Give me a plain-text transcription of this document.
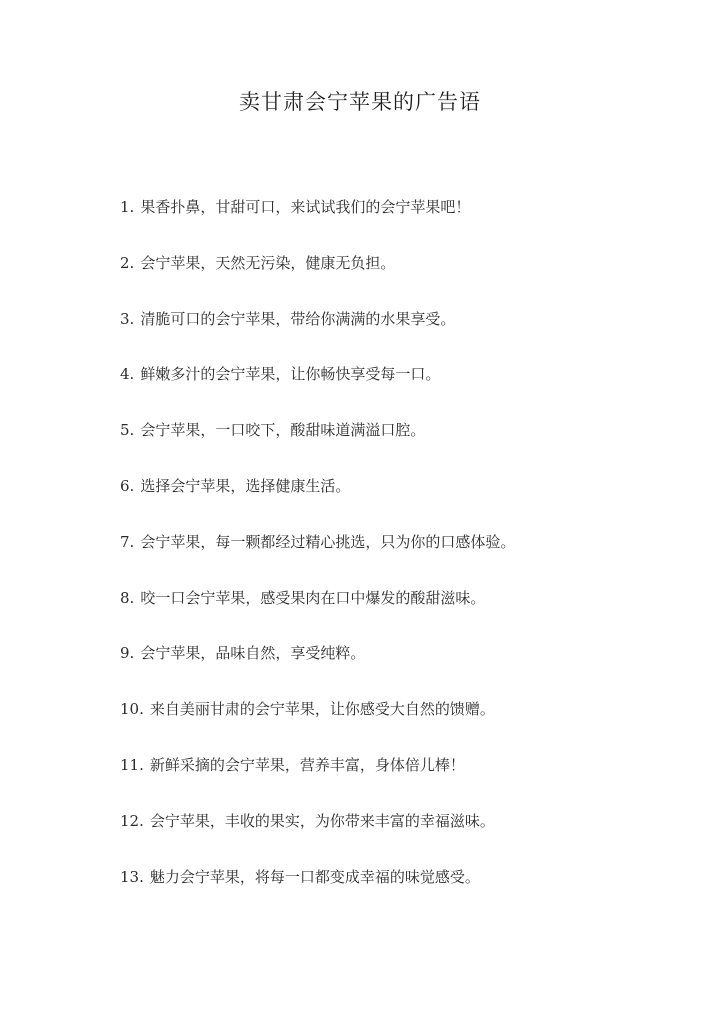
卖甘肃会宁苹果的广告语
1. 果香扑鼻，甘甜可口，来试试我们的会宁苹果吧！
2. 会宁苹果，天然无污染，健康无负担。
3. 清脆可口的会宁苹果，带给你满满的水果享受。
4. 鲜嫩多汁的会宁苹果，让你畅快享受每一口。
5. 会宁苹果，一口咬下，酸甜味道满溢口腔。
6. 选择会宁苹果，选择健康生活。
7. 会宁苹果，每一颗都经过精心挑选，只为你的口感体验。
8. 咬一口会宁苹果，感受果肉在口中爆发的酸甜滋味。
9. 会宁苹果，品味自然，享受纯粹。
10. 来自美丽甘肃的会宁苹果，让你感受大自然的馈赠。
11. 新鲜采摘的会宁苹果，营养丰富，身体倍儿棒！
12. 会宁苹果，丰收的果实，为你带来丰富的幸福滋味。
13. 魅力会宁苹果，将每一口都变成幸福的味觉感受。
